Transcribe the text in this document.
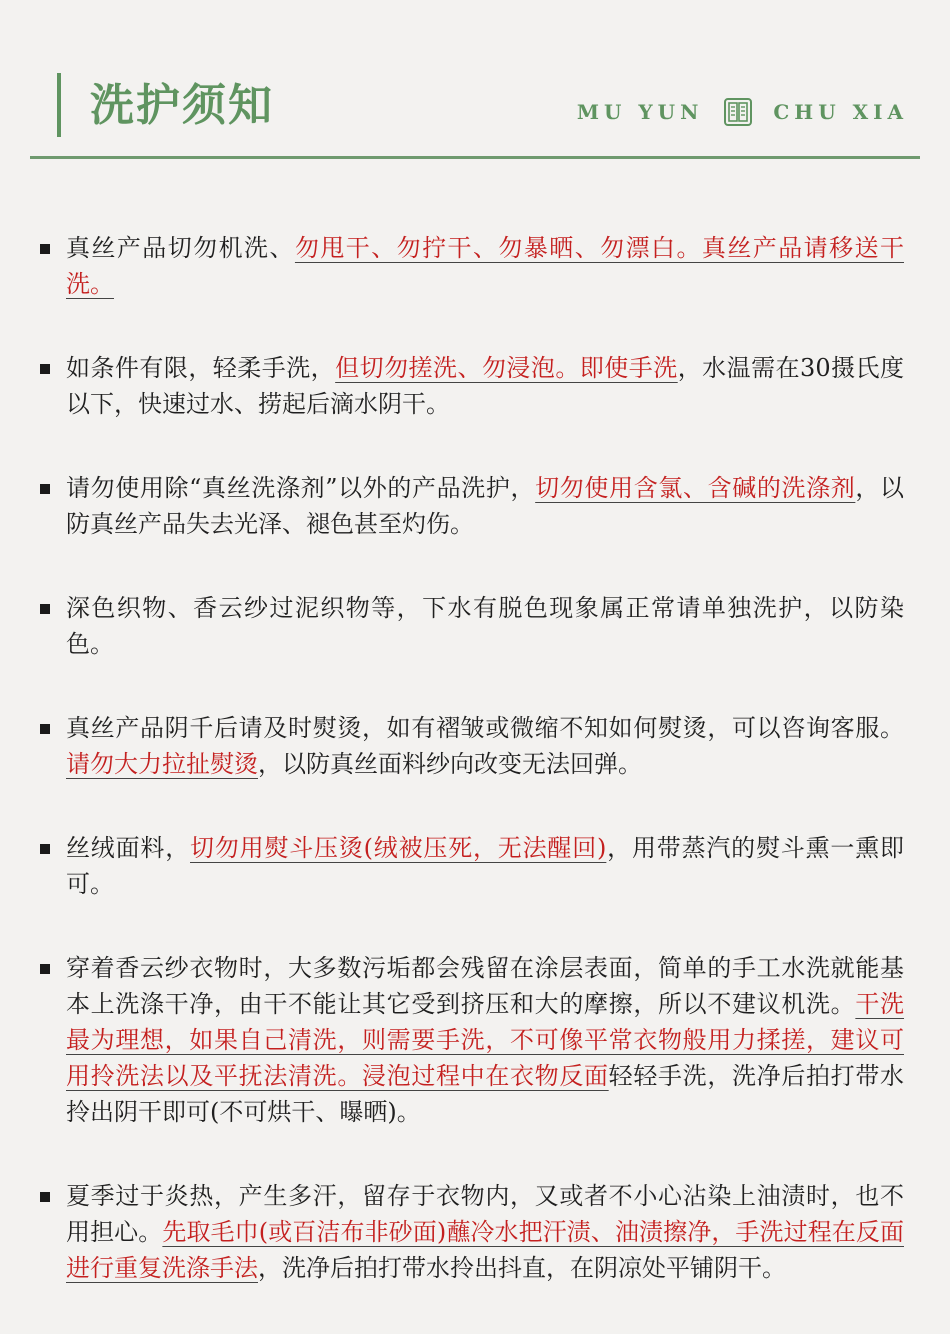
洗护须知	MU YUN	CHU XIA
真丝产品切勿机洗、勿甩干、勿拧干、勿暴晒、勿漂白。真丝产品请移送干洗。
如条件有限，轻柔手洗，但切勿搓洗、勿浸泡。即使手洗，水温需在30摄氏度以下，快速过水、捞起后滴水阴干。
请勿使用除“真丝洗涤剂”以外的产品洗护，切勿使用含氯、含碱的洗涤剂，以防真丝产品失去光泽、褪色甚至灼伤。
深色织物、香云纱过泥织物等，下水有脱色现象属正常请单独洗护，以防染色。
真丝产品阴千后请及时熨烫，如有褶皱或微缩不知如何熨烫，可以咨询客服。请勿大力拉扯熨烫，以防真丝面料纱向改变无法回弹。
丝绒面料，切勿用熨斗压烫(绒被压死，无法醒回)，用带蒸汽的熨斗熏一熏即可。
穿着香云纱衣物时，大多数污垢都会残留在涂层表面，简单的手工水洗就能基本上洗涤干净，由干不能让其它受到挤压和大的摩擦，所以不建议机洗。干洗最为理想，如果自己清洗，则需要手洗，不可像平常衣物般用力揉搓，建议可用拎洗法以及平抚法清洗。浸泡过程中在衣物反面轻轻手洗，洗净后拍打带水拎出阴干即可(不可烘干、曝晒)。
夏季过于炎热，产生多汗，留存于衣物内，又或者不小心沾染上油渍时，也不用担心。先取毛巾(或百洁布非砂面)蘸冷水把汗渍、油渍擦净，手洗过程在反面进行重复洗涤手法，洗净后拍打带水拎出抖直，在阴凉处平铺阴干。
